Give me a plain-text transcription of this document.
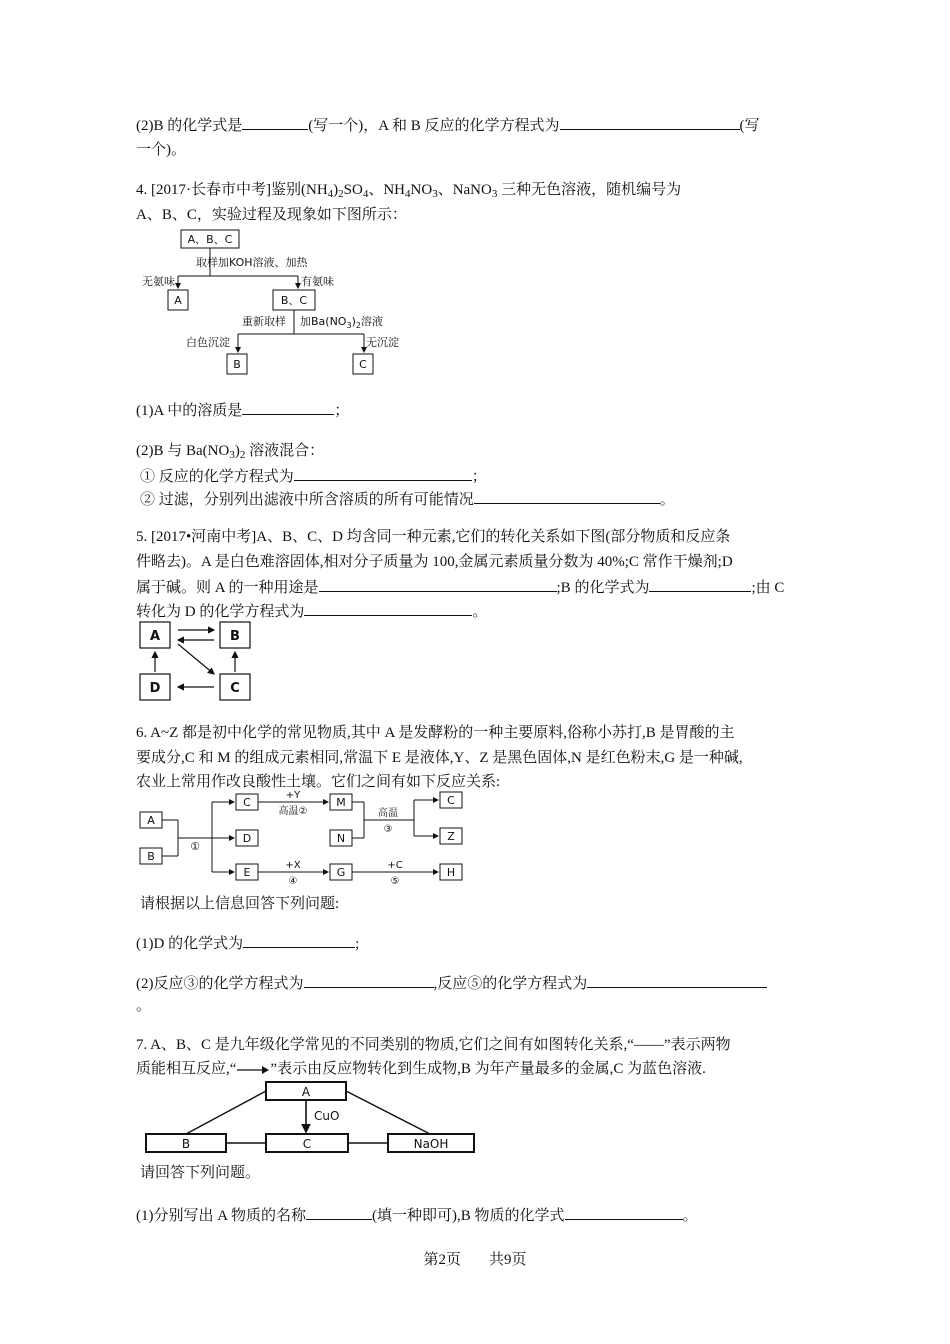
(2)B 的化学式是	(写一个)，A 和 B 反应的化学方程式为	(写
一个)。
4. [2017·长春市中考]鉴别$(NH_4)_2SO_4$、$NH_4NO_3$、NaNO$_3$ 三种无色溶液，随机编号为
A、B、C，实验过程及现象如下图所示：
A、B、C
取样 加KOH溶液、加热
无氨味	有氨味
A	B、C
重新取样 加$Ba(NO_3)_2$溶液
白色沉淀	无沉淀
B	C
(1)A 中的溶质是	；
(2)B 与 $Ba(NO_3)_2$ 溶液混合：
① 反应的化学方程式为	；
② 过滤，分别列出滤液中所含溶质的所有可能情况	。
5. [2017•河南中考]A、B、C、D 均含同一种元素,它们的转化关系如下图(部分物质和反应条
件略去)。A 是白色难溶固体,相对分子质量为 100,金属元素质量分数为 40%;C 常作干燥剂;D
属于碱。则 A 的一种用途是	;B 的化学式为	;由 C
转化为 D 的化学方程式为	。
A	B
D	C
6. A~Z 都是初中化学的常见物质,其中 A 是发酵粉的一种主要原料,俗称小苏打,B 是胃酸的主
要成分,C 和 M 的组成元素相同,常温下 E 是液体,Y、Z 是黑色固体,N 是红色粉末,G 是一种碱,
农业上常用作改良酸性土壤。它们之间有如下反应关系:
A
B
①
C
D
E
+Y
高温②
M
N
高温
③
C
Z
+X
④
G
+C
⑤
H
请根据以上信息回答下列问题:
(1)D 的化学式为	;
(2)反应③的化学方程式为	,反应⑤的化学方程式为
。
7. A、B、C 是九年级化学常见的不同类别的物质,它们之间有如图转化关系,“——”表示两物
质能相互反应,“ ”表示由反应物转化到生成物,B 为年产量最多的金属,C 为蓝色溶液.
A
CuO
B	C	NaOH
请回答下列问题。
(1)分别写出 A 物质的名称	(填一种即可),B 物质的化学式	。
第2页 共9页
